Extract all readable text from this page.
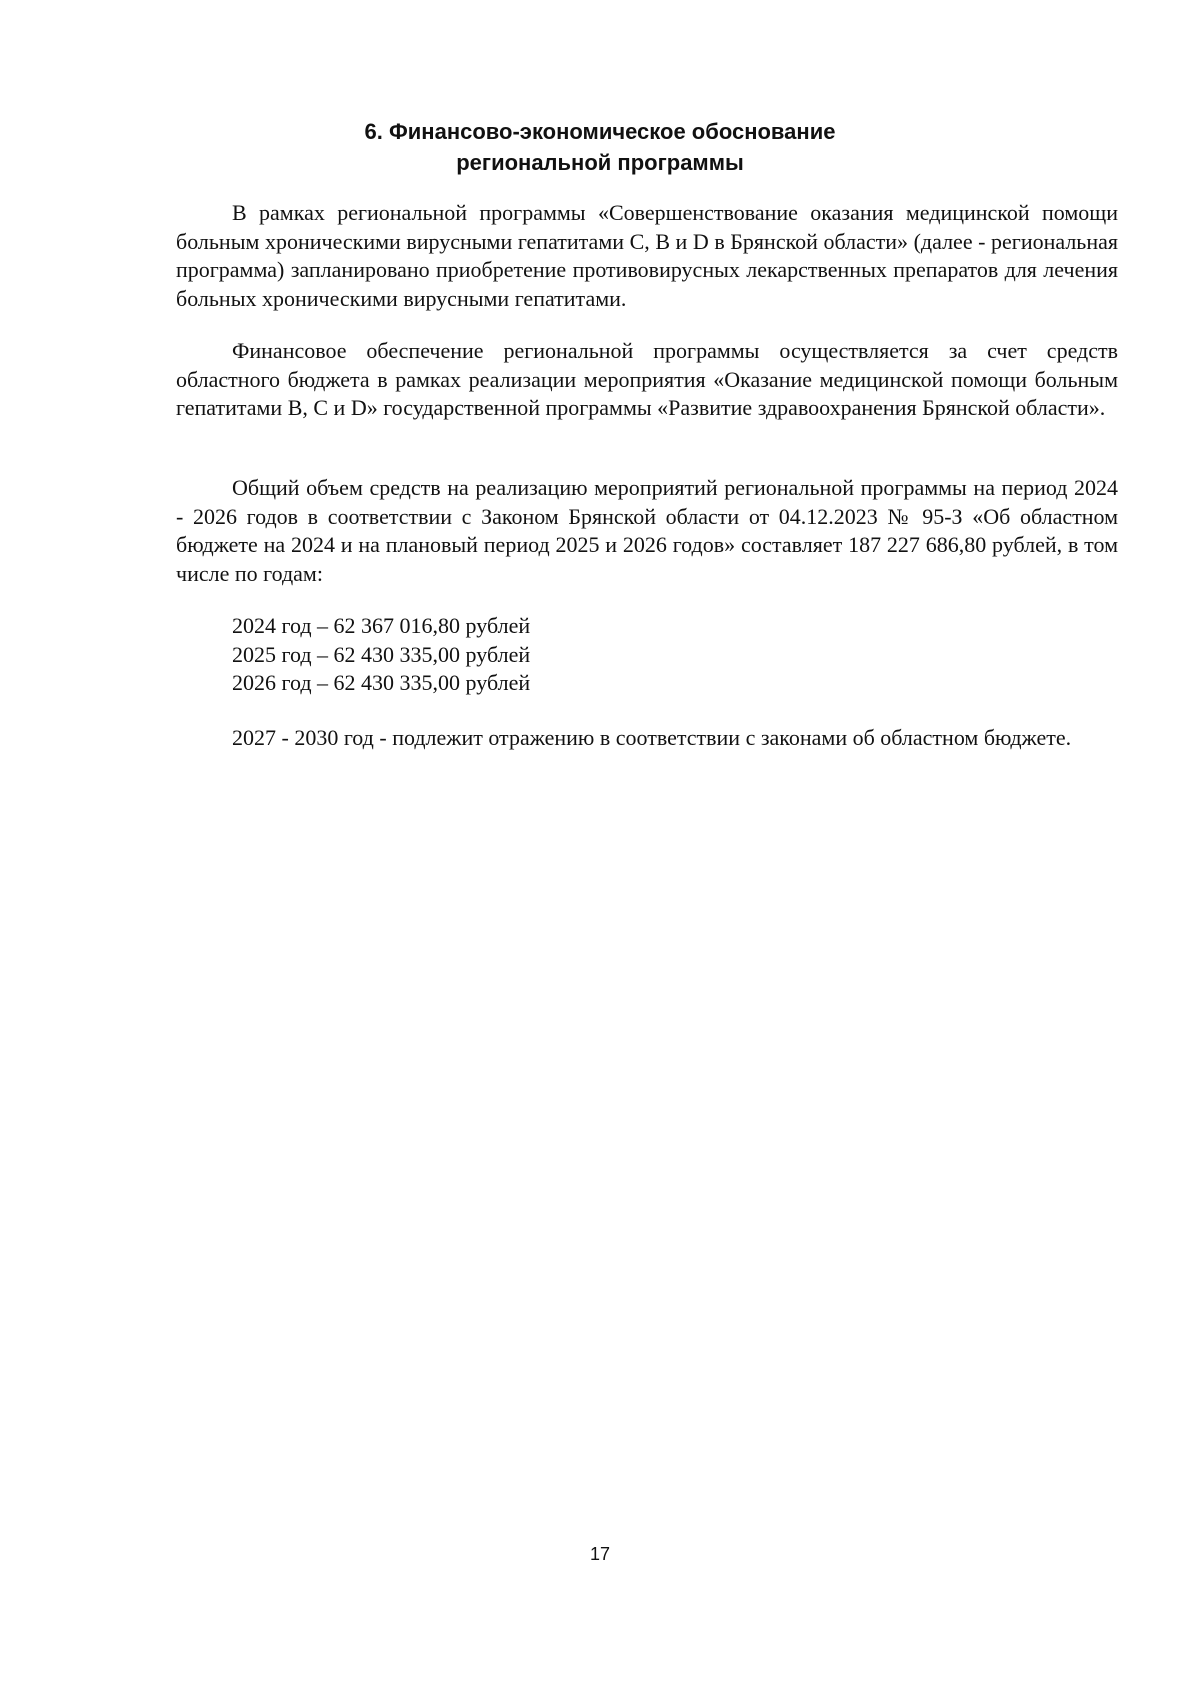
6. Финансово-экономическое обоснование
региональной программы

В рамках региональной программы «Совершенствование оказания медицинской помощи больным хроническими вирусными гепатитами С, В и D в Брянской области» (далее - региональная программа) запланировано приобретение противовирусных лекарственных препаратов для лечения больных хроническими вирусными гепатитами.

Финансовое обеспечение региональной программы осуществляется за счет средств областного бюджета в рамках реализации мероприятия «Оказание медицинской помощи больным гепатитами В, С и D» государственной программы «Развитие здравоохранения Брянской области».

Общий объем средств на реализацию мероприятий региональной программы на период 2024 - 2026 годов в соответствии с Законом Брянской области от 04.12.2023 № 95-З «Об областном бюджете на 2024 и на плановый период 2025 и 2026 годов» составляет 187 227 686,80 рублей, в том числе по годам:

2024 год – 62 367 016,80 рублей

2025 год – 62 430 335,00 рублей

2026 год – 62 430 335,00 рублей

2027 - 2030 год - подлежит отражению в соответствии с законами об областном бюджете.

17
